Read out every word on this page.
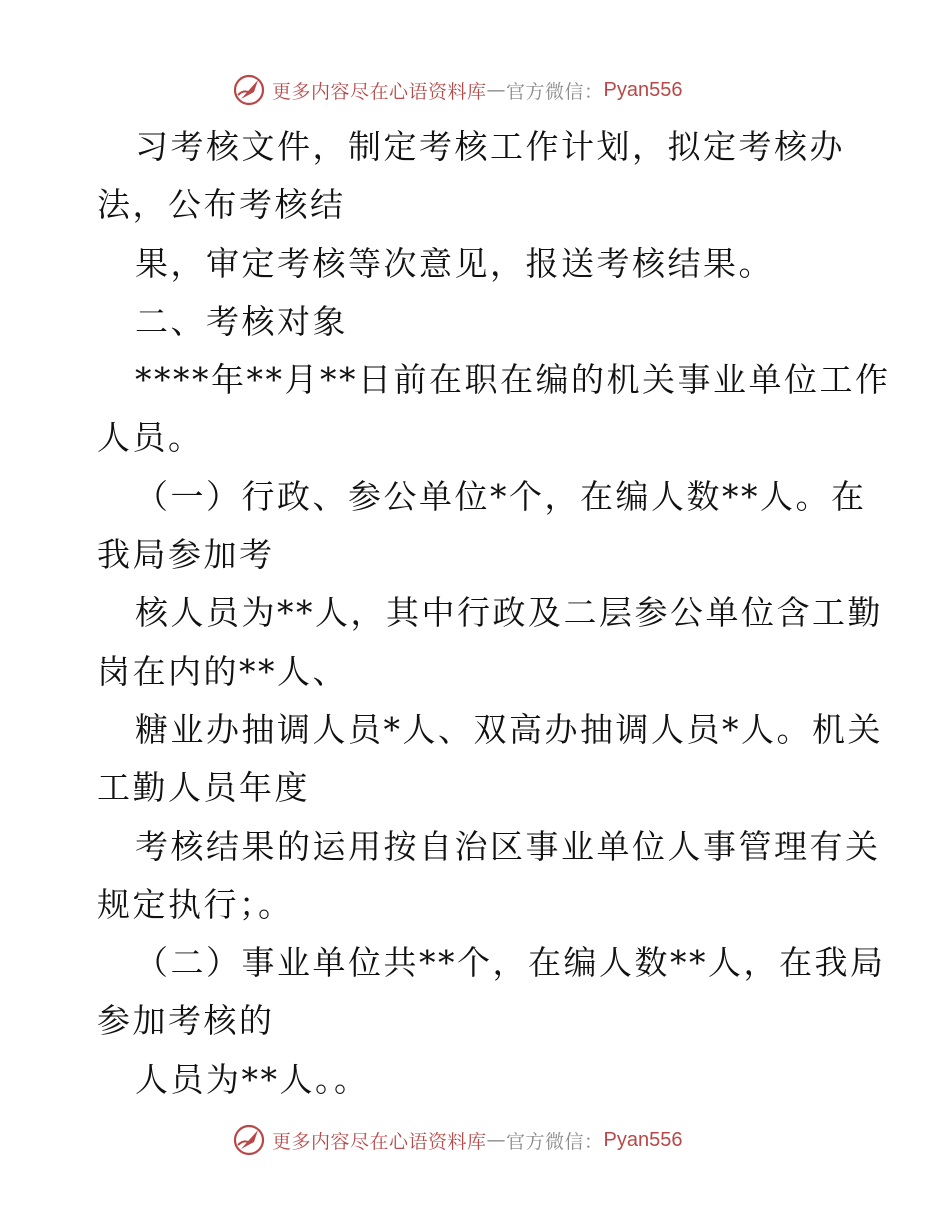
更多内容尽在心语资料库 — 官方微信： Pyan556
习考核文件，制定考核工作计划，拟定考核办
法，公布考核结
果，审定考核等次意见，报送考核结果。
二、考核对象
****年**月**日前在职在编的机关事业单位工作
人员。
（一）行政、参公单位*个，在编人数**人。在
我局参加考
核人员为**人，其中行政及二层参公单位含工勤
岗在内的**人、
糖业办抽调人员*人、双高办抽调人员*人。机关
工勤人员年度
考核结果的运用按自治区事业单位人事管理有关
规定执行；。
（二）事业单位共**个，在编人数**人，在我局
参加考核的
人员为**人。。
更多内容尽在心语资料库 — 官方微信： Pyan556
